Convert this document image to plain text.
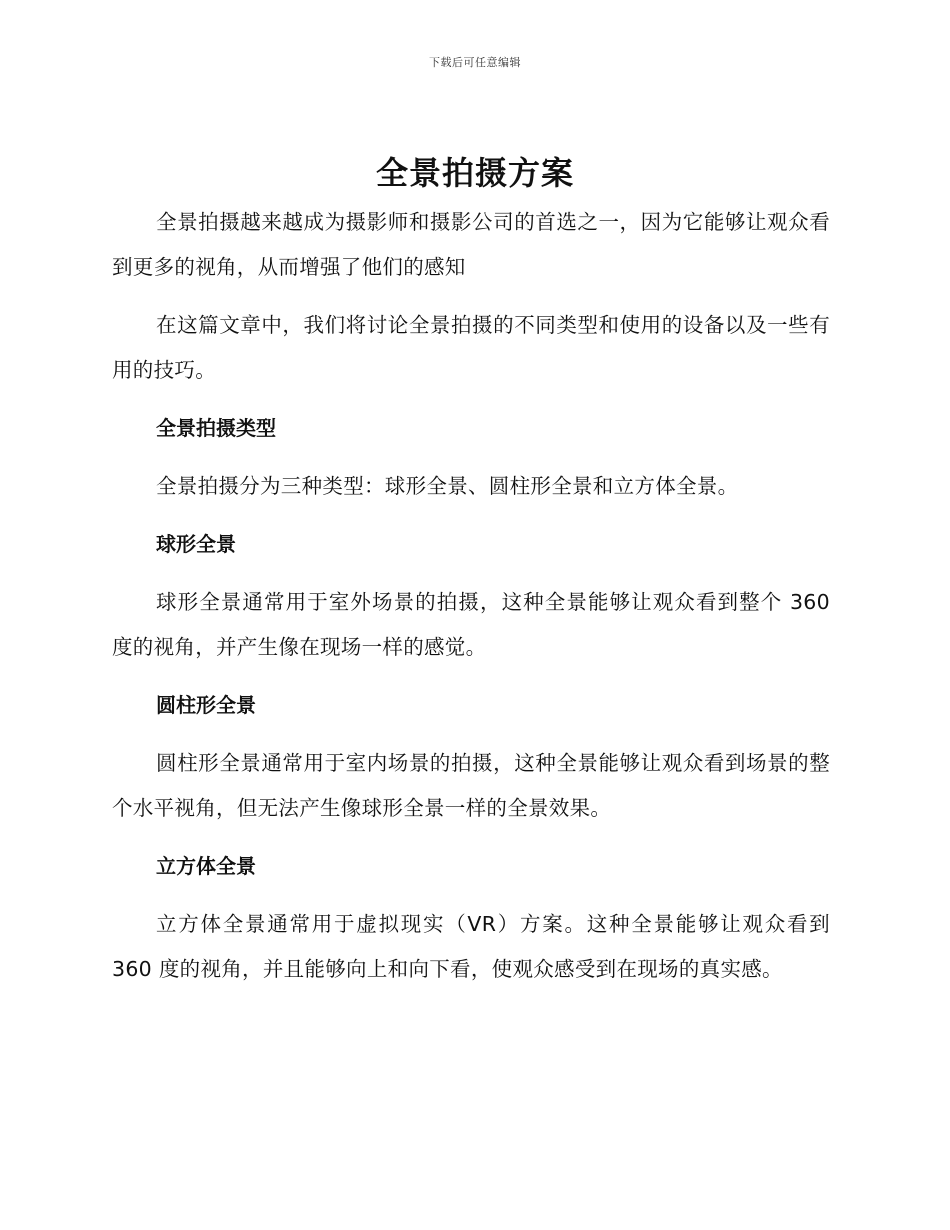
下载后可任意编辑
全景拍摄方案

全景拍摄越来越成为摄影师和摄影公司的首选之一，因为它能够让观众看到更多的视角，从而增强了他们的感知

在这篇文章中，我们将讨论全景拍摄的不同类型和使用的设备以及一些有用的技巧。

全景拍摄类型

全景拍摄分为三种类型：球形全景、圆柱形全景和立方体全景。

球形全景

球形全景通常用于室外场景的拍摄，这种全景能够让观众看到整个 360 度的视角，并产生像在现场一样的感觉。

圆柱形全景

圆柱形全景通常用于室内场景的拍摄，这种全景能够让观众看到场景的整个水平视角，但无法产生像球形全景一样的全景效果。

立方体全景

立方体全景通常用于虚拟现实（VR）方案。这种全景能够让观众看到 360 度的视角，并且能够向上和向下看，使观众感受到在现场的真实感。
